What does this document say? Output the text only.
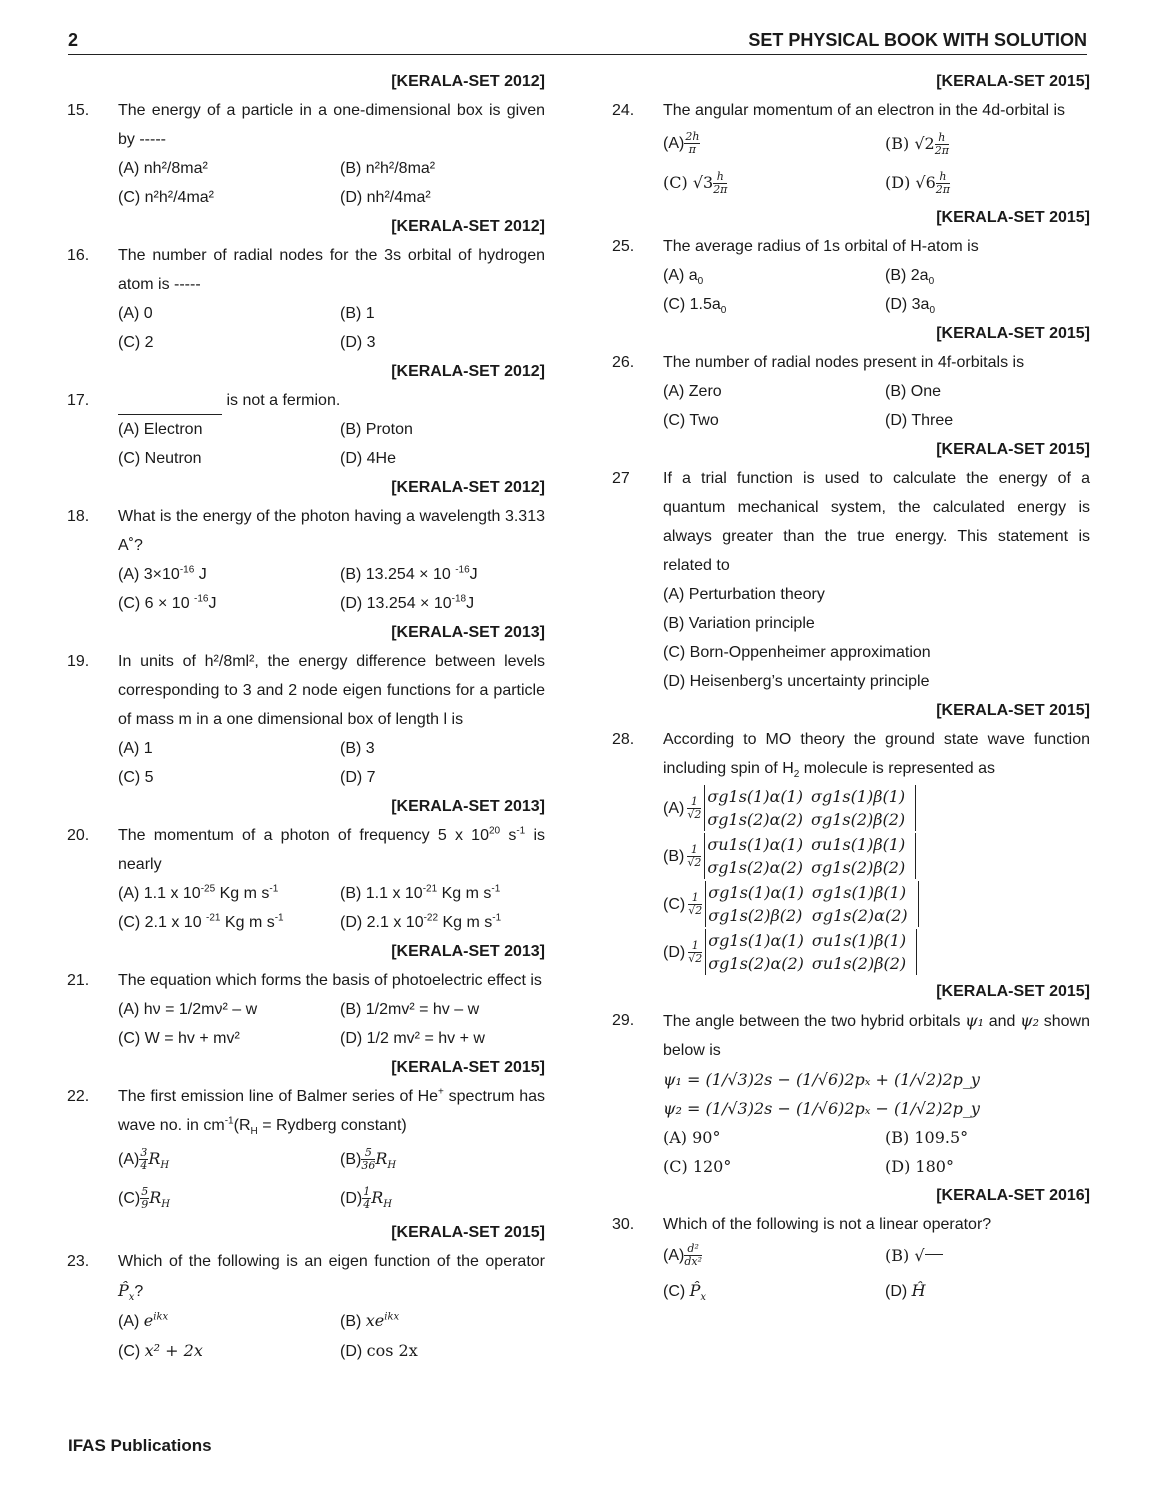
2	SET PHYSICAL BOOK WITH SOLUTION
[KERALA-SET 2012]
15.	The energy of a particle in a one-dimensional box is given by -----
(A) nh²/8ma²	(B) n²h²/8ma²
(C) n²h²/4ma²	(D) nh²/4ma²
[KERALA-SET 2012]
16.	The number of radial nodes for the 3s orbital of hydrogen atom is -----
(A) 0	(B) 1
(C) 2	(D) 3
[KERALA-SET 2012]
17.	is not a fermion.
(A) Electron	(B) Proton
(C) Neutron	(D) 4He
[KERALA-SET 2012]
18.	What is the energy of the photon having a wavelength 3.313 A˚?
(A) $3\times 10^{-16}$ J	(B) 13.254 × 10 $^{-16}$J
(C) 6 × 10 $^{-16}$J	(D) $13.254 \times 10^{-18}J$
[KERALA-SET 2013]
19.	In units of h²/8ml², the energy difference between levels corresponding to 3 and 2 node eigen functions for a particle of mass m in a one dimensional box of length l is
(A) 1	(B) 3
(C) 5	(D) 7
[KERALA-SET 2013]
20.	The momentum of a photon of frequency 5 x $10^{20}$ $s^{-1}$ is nearly
(A) 1.1 x $10^{-25}$ Kg m $s^{-1}$	(B) 1.1 x $10^{-21}$ Kg m $s^{-1}$
(C) 2.1 x 10 $^{-21}$ Kg m $s^{-1}$	(D) 2.1 x $10^{-22}$ Kg m $s^{-1}$
[KERALA-SET 2013]
21.	The equation which forms the basis of photoelectric effect is
(A) hν = 1/2mν² – w	(B) 1/2mv² = hv – w
(C) W = hv + mv²	(D) 1/2 mv² = hv + w
[KERALA-SET 2015]
22.	The first emission line of Balmer series of He+ spectrum has wave no. in $cm^{-1}(R_H$ = Rydberg constant)
$(A) \frac{3}{4} R_H$	$(B) \frac{5}{36} R_H$
$(C) \frac{5}{9} R_H$	$(D) \frac{1}{4} R_H$
[KERALA-SET 2015]
23.	Which of the following is an eigen function of the operator $P̂_x$?
(A) $e^{ikx}$	(B) $xe^{ikx}$
(C) x² + 2x	(D) cos 2x
[KERALA-SET 2015]
24.	The angular momentum of an electron in the 4d-orbital is
$(A) \frac{2h}{\pi}$	(B) $√2 \frac{h}{2\pi}$
(C) $√3 \frac{h}{2\pi}$	(D) $√6 \frac{h}{2\pi}$
[KERALA-SET 2015]
25.	The average radius of 1s orbital of H-atom is
(A) $a_0$	(B) $2a_0$
(C) $1.5a_0$	(D) $3a_0$
[KERALA-SET 2015]
26.	The number of radial nodes present in 4f-orbitals is
(A) Zero	(B) One
(C) Two	(D) Three
[KERALA-SET 2015]
27	If a trial function is used to calculate the energy of a quantum mechanical system, the calculated energy is always greater than the true energy. This statement is related to
(A) Perturbation theory
(B) Variation principle
(C) Born-Oppenheimer approximation
(D) Heisenberg’s uncertainty principle
[KERALA-SET 2015]
28.	According to MO theory the ground state wave function including spin of $H_2$ molecule is represented as
$(A) \frac{1}{√2} \sigma g1s(1)\alpha(1)$	σg1s(1)β(1)
σg1s(2)α(2)	σg1s(2)β(2)
$(B) \frac{1}{√2} \sigma u1s(1)\alpha(1)$	σu1s(1)β(1)
σg1s(2)α(2)	σg1s(2)β(2)
$(C) \frac{1}{√2} \sigma g1s(1)\alpha(1)$	σg1s(1)β(1)
σg1s(2)β(2)	σg1s(2)α(2)
$(D) \frac{1}{√2} \sigma g1s(1)\alpha(1)$	σu1s(1)β(1)
σg1s(2)α(2)	σu1s(2)β(2)
[KERALA-SET 2015]
29.	The angle between the two hybrid orbitals ψ₁ and ψ₂ shown below is
ψ₁ = (1/√3)2s − (1/√6)2pₓ + (1/√2)2p_y
ψ₂ = (1/√3)2s − (1/√6)2pₓ − (1/√2)2p_y
(A) 90°	(B) 109.5°
(C) 120°	(D) 180°
[KERALA-SET 2016]
30.	Which of the following is not a linear operator?
$(A) \frac{\text{d²}}{\text{dx²}}$	(B) √
(C) $P̂_x$	(D) Ĥ
IFAS Publications
